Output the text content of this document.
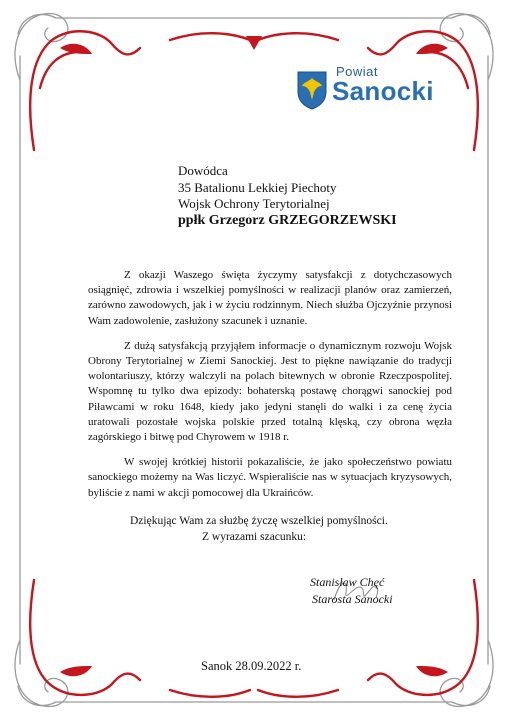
Powiat
Sanocki
Dowódca
35 Batalionu Lekkiej Piechoty
Wojsk Ochrony Terytorialnej
ppłk Grzegorz GRZEGORZEWSKI

Z okazji Waszego święta życzymy satysfakcji z dotychczasowych osiągnięć, zdrowia i wszelkiej pomyślności w realizacji planów oraz zamierzeń, zarówno zawodowych, jak i w życiu rodzinnym. Niech służba Ojczyźnie przynosi Wam zadowolenie, zasłużony szacunek i uznanie.

Z dużą satysfakcją przyjąłem informacje o dynamicznym rozwoju Wojsk Obrony Terytorialnej w Ziemi Sanockiej. Jest to piękne nawiązanie do tradycji wolontariuszy, którzy walczyli na polach bitewnych w obronie Rzeczpospolitej. Wspomnę tu tylko dwa epizody: bohaterską postawę chorągwi sanockiej pod Piławcami w roku 1648, kiedy jako jedyni stanęli do walki i za cenę życia uratowali pozostałe wojska polskie przed totalną klęską, czy obrona węzła zagórskiego i bitwę pod Chyrowem w 1918 r.

W swojej krótkiej historii pokazaliście, że jako społeczeństwo powiatu sanockiego możemy na Was liczyć. Wspieraliście nas w sytuacjach kryzysowych, byliście z nami w akcji pomocowej dla Ukraińców.

Dziękując Wam za służbę życzę wszelkiej pomyślności.
Z wyrazami szacunku:
Stanisław Chęć
Starosta Sanocki
Sanok 28.09.2022 r.
